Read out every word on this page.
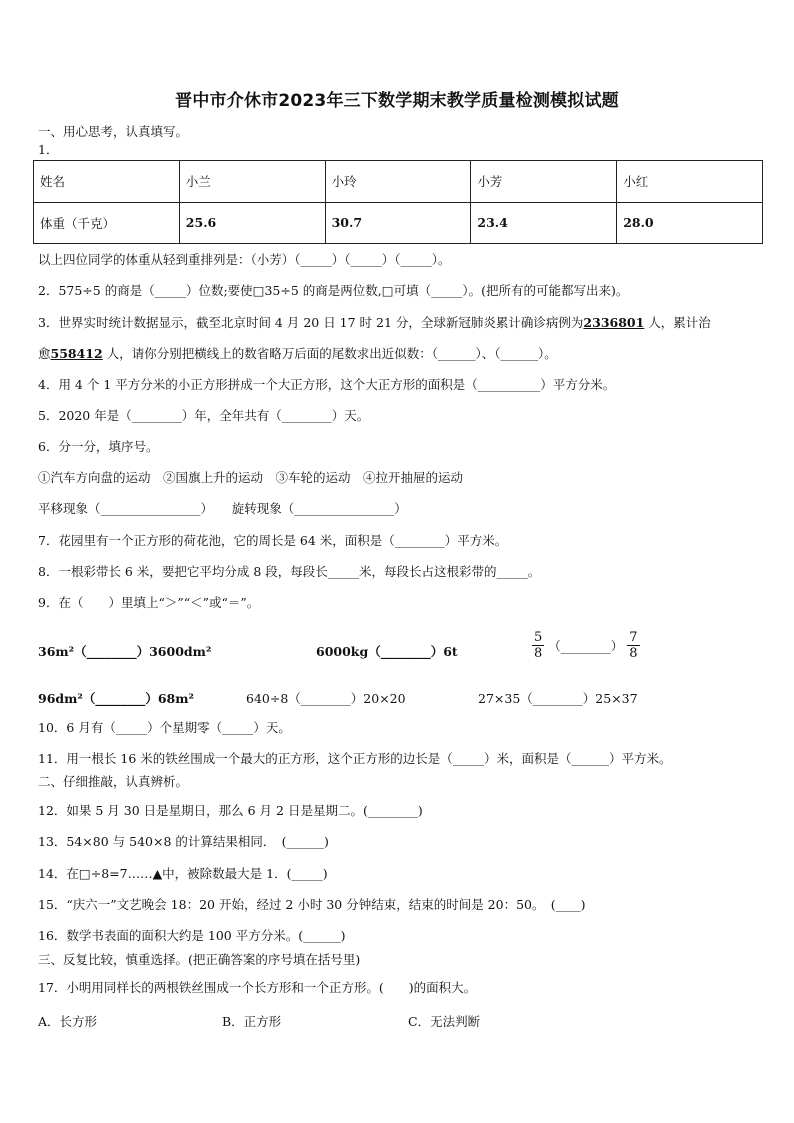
晋中市介休市2023年三下数学期末教学质量检测模拟试题
一、用心思考，认真填写。
1．
姓名	小兰	小玲	小芳	小红
体重（千克）	25.6	30.7	23.4	28.0
以上四位同学的体重从轻到重排列是：（小芳）（_____）（_____）（_____）。
2．575÷5 的商是（_____）位数;要使□35÷5 的商是两位数,□可填（_____）。(把所有的可能都写出来)。
3．世界实时统计数据显示，截至北京时间 4 月 20 日 17 时 21 分，全球新冠肺炎累计确诊病例为2336801 人，累计治
愈558412 人，请你分别把横线上的数省略万后面的尾数求出近似数：（______）、（______）。
4．用 4 个 1 平方分米的小正方形拼成一个大正方形，这个大正方形的面积是（__________）平方分米。
5．2020 年是（________）年，全年共有（________）天。
6．分一分，填序号。
①汽车方向盘的运动　②国旗上升的运动　③车轮的运动　④拉开抽屉的运动
平移现象（________________）　　旋转现象（________________）
7．花园里有一个正方形的荷花池，它的周长是 64 米，面积是（________）平方米。
8．一根彩带长 6 米，要把它平均分成 8 段，每段长_____米，每段长占这根彩带的_____。
9．在（　　）里填上“＞”“＜”或“＝”。
36m²（________）3600dm²	6000kg（________）6t	$\frac{5}{8}$ （________） $\frac{7}{8}$
96dm²（________）68m²	640÷8（________）20×20	27×35（________）25×37
10．6 月有（_____）个星期零（_____）天。
11．用一根长 16 米的铁丝围成一个最大的正方形，这个正方形的边长是（_____）米，面积是（______）平方米。
二、仔细推敲，认真辨析。
12．如果 5 月 30 日是星期日，那么 6 月 2 日是星期二。(________)
13．54×80 与 540×8 的计算结果相同．　(______)
14．在□÷8=7……▲中，被除数最大是 1．(_____)
15．“庆六一”文艺晚会 18：20 开始，经过 2 小时 30 分钟结束，结束的时间是 20：50。　(____)
16．数学书表面的面积大约是 100 平方分米。(______)
三、反复比较，慎重选择。(把正确答案的序号填在括号里)
17．小明用同样长的两根铁丝围成一个长方形和一个正方形。(　　)的面积大。
A．长方形	B．正方形	C．无法判断
